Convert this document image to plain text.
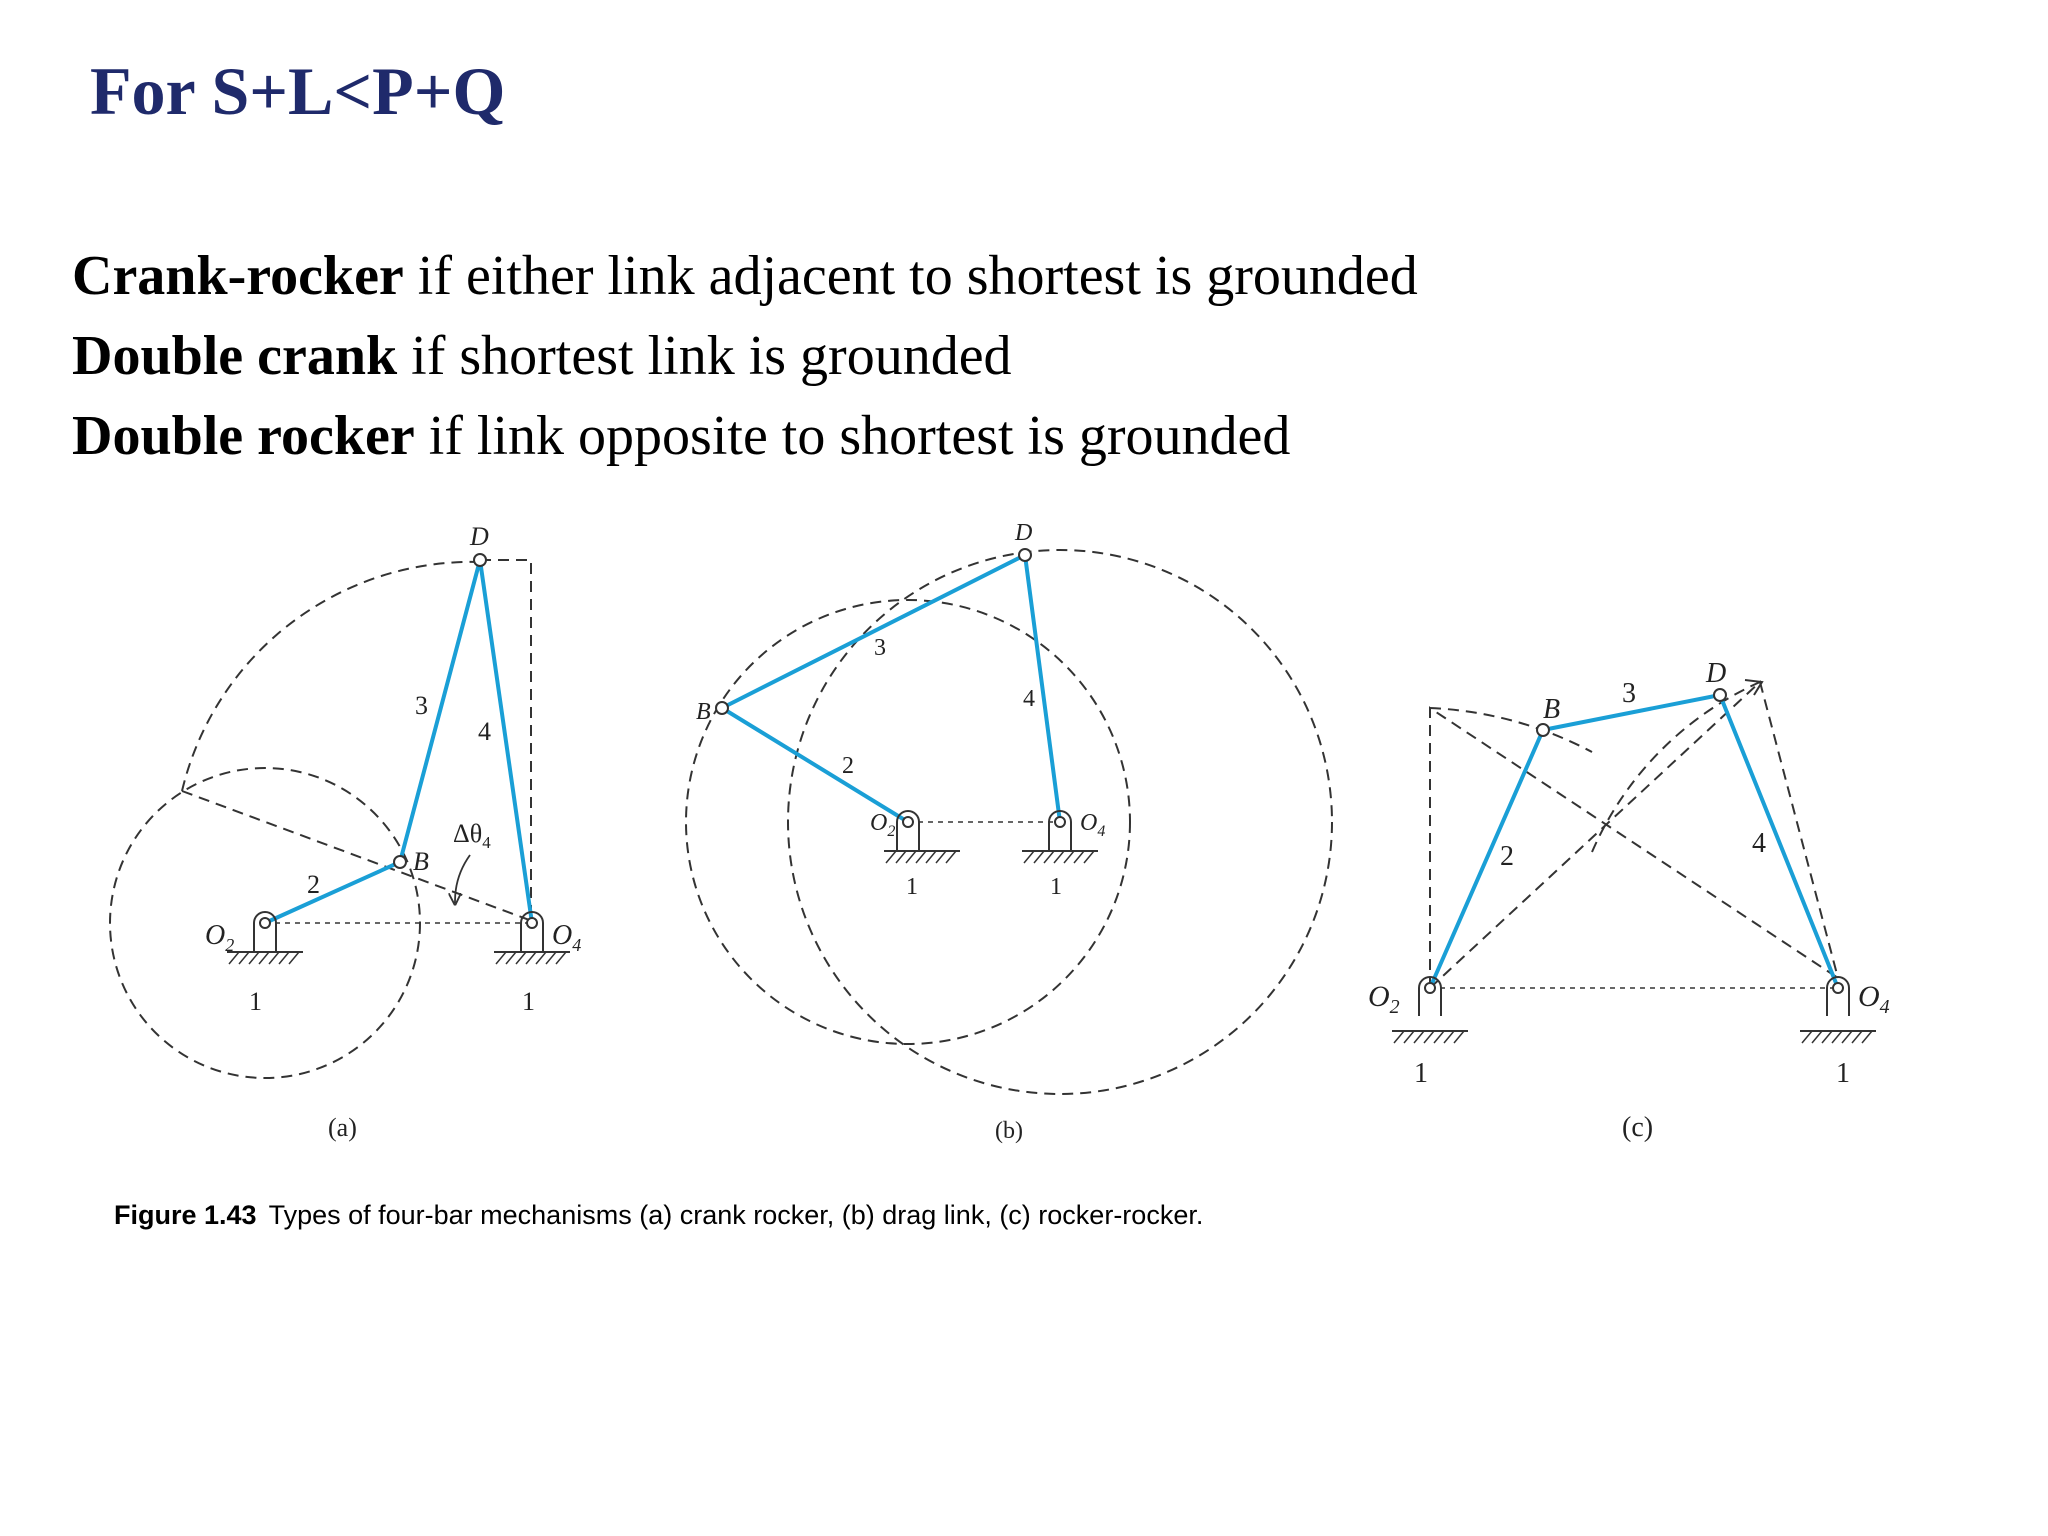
For S+L<P+Q
Crank-rocker if either link adjacent to shortest is grounded
Double crank if shortest link is grounded
Double rocker if link opposite to shortest is grounded
D
B
3
4
2
$\Delta\theta_4$
$O_2$	$O_4$
1	1
(a)
D
B
3
4
2
$O_2$	$O_4$
1	1
(b)
D
B
3
4
2
$O_2$	$O_4$
1	1
(c)
Figure 1.43 Types of four-bar mechanisms (a) crank rocker, (b) drag link, (c) rocker-rocker.
